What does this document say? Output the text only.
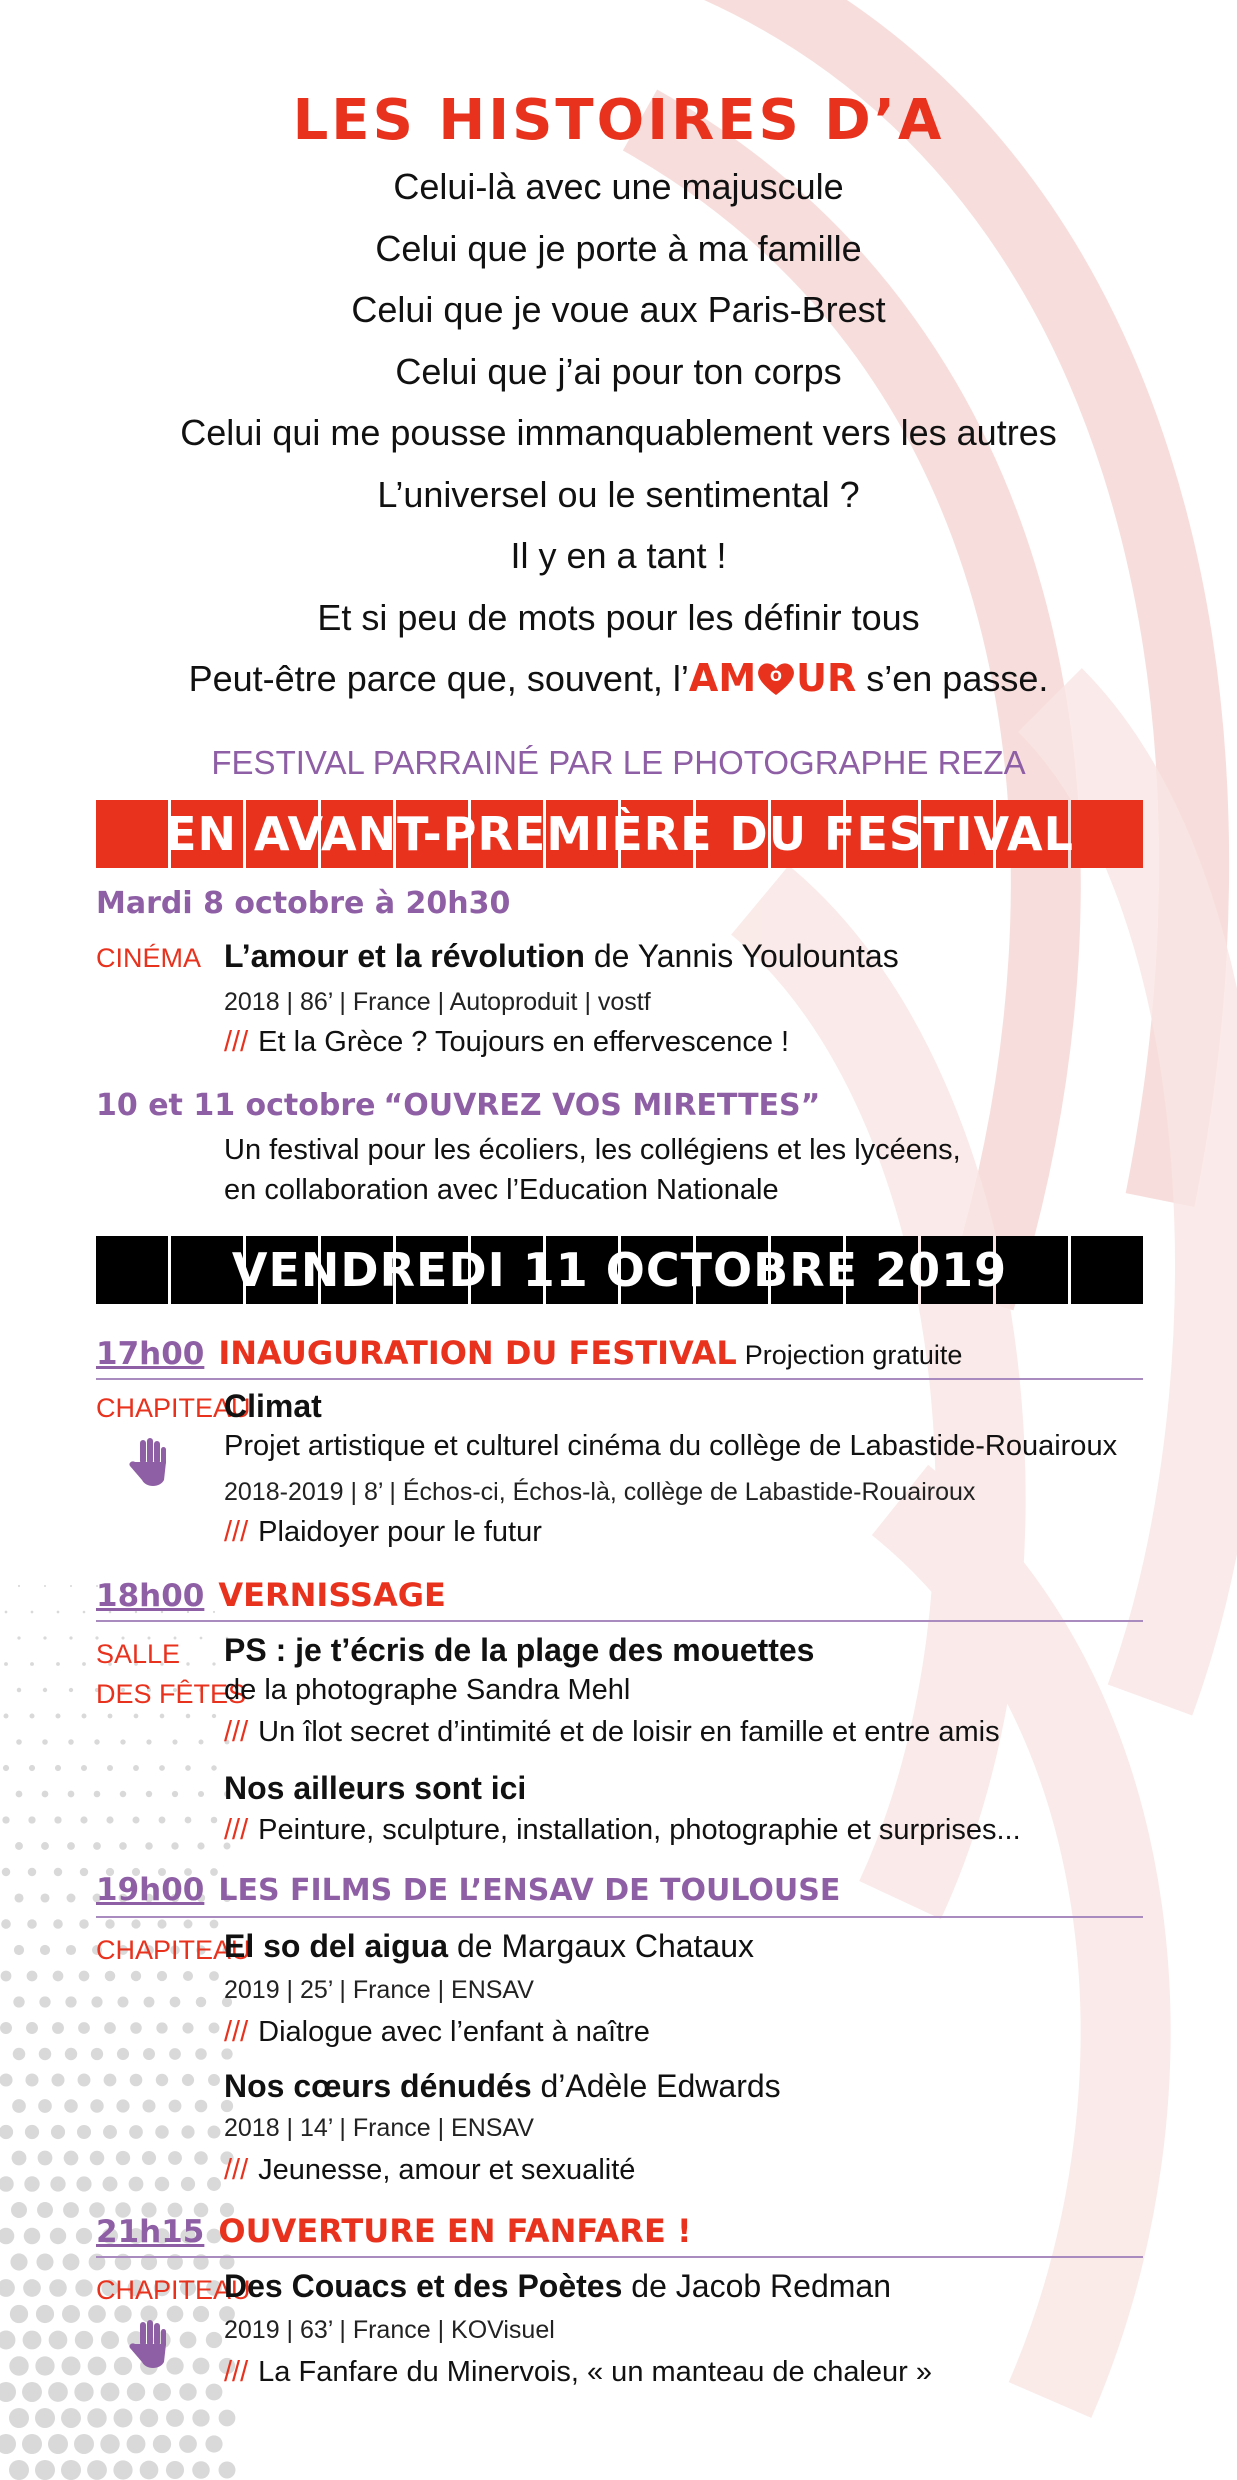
LES HISTOIRES D’A
Celui-là avec une majuscule
Celui que je porte à ma famille
Celui que je voue aux Paris-Brest
Celui que j’ai pour ton corps
Celui qui me pousse immanquablement vers les autres
L’universel ou le sentimental ?
Il y en a tant !
Et si peu de mots pour les définir tous
Peut-être parce que, souvent, l’AM O UR s’en passe.
FESTIVAL PARRAINÉ PAR LE PHOTOGRAPHE REZA
EN AVANT-PREMIÈRE DU FESTIVAL
Mardi 8 octobre à 20h30
CINÉMA L’amour et la révolution de Yannis Youlountas
2018 | 86’ | France | Autoproduit | vostf
/// Et la Grèce ? Toujours en effervescence !
10 et 11 octobre “OUVREZ VOS MIRETTES”
Un festival pour les écoliers, les collégiens et les lycéens,
en collaboration avec l’Education Nationale
VENDREDI 11 OCTOBRE 2019
17h00 INAUGURATION DU FESTIVAL Projection gratuite
CHAPITEAU
Climat
Projet artistique et culturel cinéma du collège de Labastide-Rouairoux
2018-2019 | 8’ | Échos-ci, Échos-là, collège de Labastide-Rouairoux
/// Plaidoyer pour le futur
18h00 VERNISSAGE
SALLE
DES FÊTES
PS : je t’écris de la plage des mouettes
de la photographe Sandra Mehl
/// Un îlot secret d’intimité et de loisir en famille et entre amis
Nos ailleurs sont ici
/// Peinture, sculpture, installation, photographie et surprises...
19h00 LES FILMS DE L’ENSAV DE TOULOUSE
CHAPITEAU
El so del aigua de Margaux Chataux
2019 | 25’ | France | ENSAV
/// Dialogue avec l’enfant à naître
Nos cœurs dénudés d’Adèle Edwards
2018 | 14’ | France | ENSAV
/// Jeunesse, amour et sexualité
21h15 OUVERTURE EN FANFARE !
CHAPITEAU
Des Couacs et des Poètes de Jacob Redman
2019 | 63’ | France | KOVisuel
/// La Fanfare du Minervois, « un manteau de chaleur »
